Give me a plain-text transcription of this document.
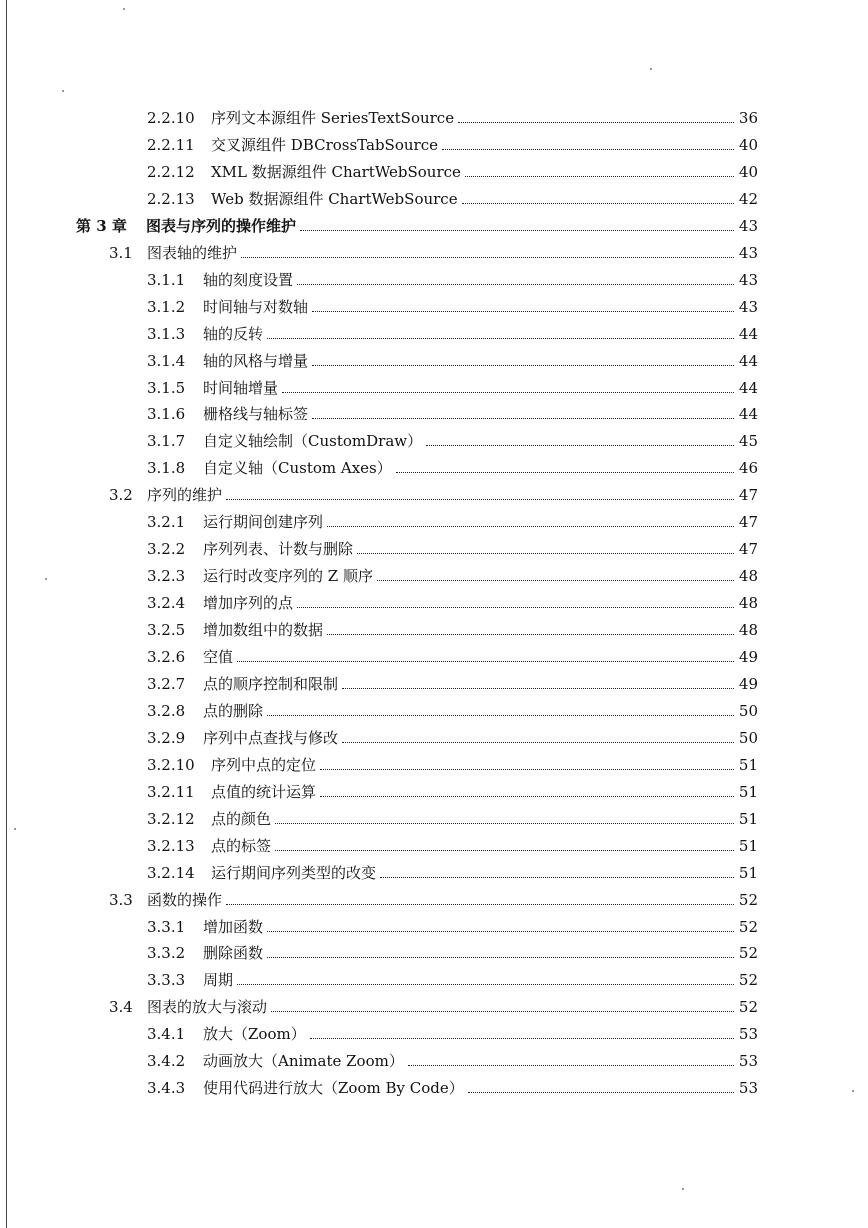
2.2.10	序列文本源组件 SeriesTextSource	36
2.2.11	交叉源组件 DBCrossTabSource	40
2.2.12	XML 数据源组件 ChartWebSource	40
2.2.13	Web 数据源组件 ChartWebSource	42
第 3 章	图表与序列的操作维护	43
3.1 图表轴的维护	43
3.1.1	轴的刻度设置	43
3.1.2	时间轴与对数轴	43
3.1.3	轴的反转	44
3.1.4	轴的风格与增量	44
3.1.5	时间轴增量	44
3.1.6	栅格线与轴标签	44
3.1.7	自定义轴绘制（CustomDraw）	45
3.1.8	自定义轴（Custom Axes）	46
3.2 序列的维护	47
3.2.1	运行期间创建序列	47
3.2.2	序列列表、计数与删除	47
3.2.3	运行时改变序列的 Z 顺序	48
3.2.4	增加序列的点	48
3.2.5	增加数组中的数据	48
3.2.6	空值	49
3.2.7	点的顺序控制和限制	49
3.2.8	点的删除	50
3.2.9	序列中点查找与修改	50
3.2.10	序列中点的定位	51
3.2.11	点值的统计运算	51
3.2.12	点的颜色	51
3.2.13	点的标签	51
3.2.14	运行期间序列类型的改变	51
3.3 函数的操作	52
3.3.1	增加函数	52
3.3.2	删除函数	52
3.3.3	周期	52
3.4 图表的放大与滚动	52
3.4.1	放大（Zoom）	53
3.4.2	动画放大（Animate Zoom）	53
3.4.3	使用代码进行放大（Zoom By Code）	53
